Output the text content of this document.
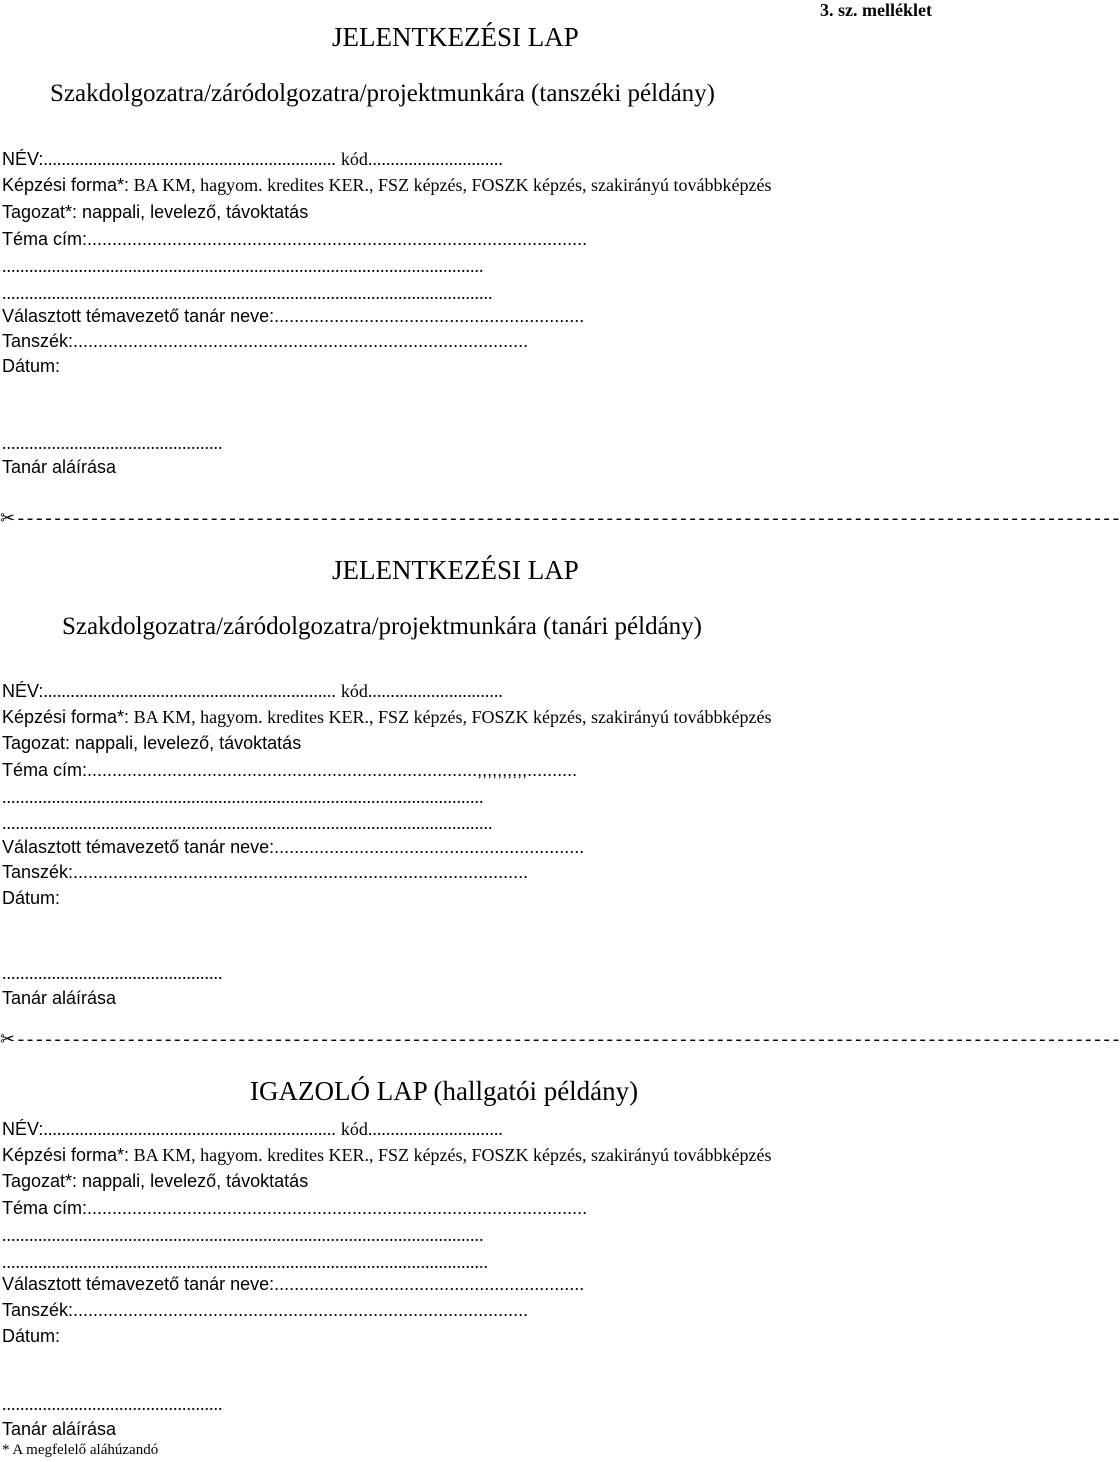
3. sz. melléklet
JELENTKEZÉSI LAP
Szakdolgozatra/záródolgozatra/projektmunkára (tanszéki példány)
NÉV:................................................................. kód..............................
Képzési forma*: BA KM, hagyom. kredites KER., FSZ képzés, FOSZK képzés, szakirányú továbbképzés
Tagozat*: nappali, levelező, távoktatás
Téma cím:....................................................................................................
...........................................................................................................
.............................................................................................................
Választott témavezető tanár neve:..............................................................
Tanszék:...........................................................................................
Dátum:
.................................................
Tanár aláírása
✂ ------------------------------------------------------------------------------------------------------------------------
JELENTKEZÉSI LAP
Szakdolgozatra/záródolgozatra/projektmunkára (tanári példány)
NÉV:................................................................. kód..............................
Képzési forma*: BA KM, hagyom. kredites KER., FSZ képzés, FOSZK képzés, szakirányú továbbképzés
Tagozat: nappali, levelező, távoktatás
Téma cím:..............................................................................,,,,,,,,,,..........
...........................................................................................................
.............................................................................................................
Választott témavezető tanár neve:..............................................................
Tanszék:...........................................................................................
Dátum:
.................................................
Tanár aláírása
✂ ------------------------------------------------------------------------------------------------------------------------
IGAZOLÓ LAP (hallgatói példány)
NÉV:................................................................. kód..............................
Képzési forma*: BA KM, hagyom. kredites KER., FSZ képzés, FOSZK képzés, szakirányú továbbképzés
Tagozat*: nappali, levelező, távoktatás
Téma cím:....................................................................................................
...........................................................................................................
............................................................................................................
Választott témavezető tanár neve:..............................................................
Tanszék:...........................................................................................
Dátum:
.................................................
Tanár aláírása
* A megfelelő aláhúzandó
